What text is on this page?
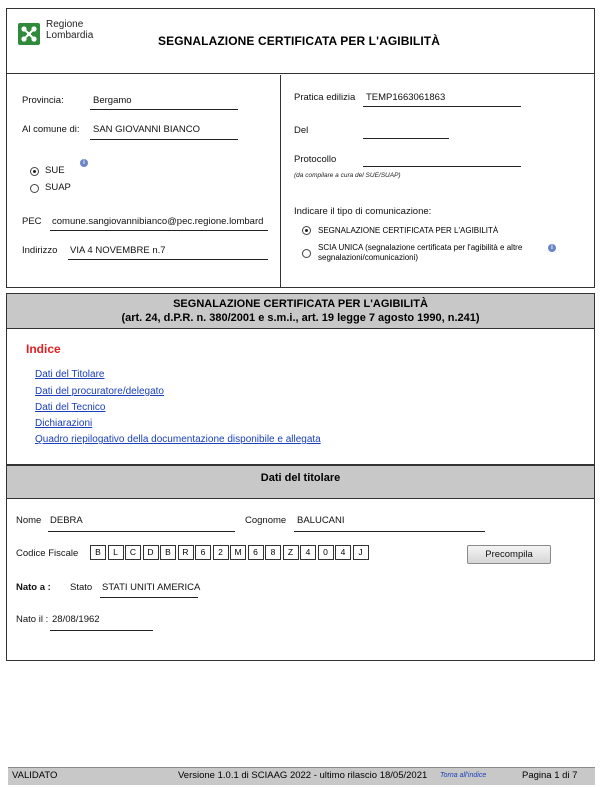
Regione
Lombardia	SEGNALAZIONE CERTIFICATA PER L'AGIBILITÀ
Provincia:	Bergamo
Al comune di: SAN GIOVANNI BIANCO
SUE
i
SUAP
PEC comune.sangiovannibianco@pec.regione.lombard
Indirizzo VIA 4 NOVEMBRE n.7
Pratica edilizia TEMP1663061863
Del
Protocollo
(da compilare a cura del SUE/SUAP)
Indicare il tipo di comunicazione:
SEGNALAZIONE CERTIFICATA PER L'AGIBILITÀ
SCIA UNICA (segnalazione certificata per l'agibilità e altre
segnalazioni/comunicazioni)
i
SEGNALAZIONE CERTIFICATA PER L'AGIBILITÀ
(art. 24, d.P.R. n. 380/2001 e s.m.i., art. 19 legge 7 agosto 1990, n.241)
Indice
Dati del Titolare
Dati del procuratore/delegato
Dati del Tecnico
Dichiarazioni
Quadro riepilogativo della documentazione disponibile e allegata
Dati del titolare
Nome DEBRA	Cognome BALUCANI
Codice Fiscale	B	L	C	D	B	R	6	2	M	6	8	Z	4	0	4	J	Precompila
Nato a : Stato STATI UNITI AMERICA
Nato il : 28/08/1962
VALIDATO	Versione 1.0.1 di SCIAAG 2022 - ultimo rilascio 18/05/2021 Torna all'indice	Pagina 1 di 7
